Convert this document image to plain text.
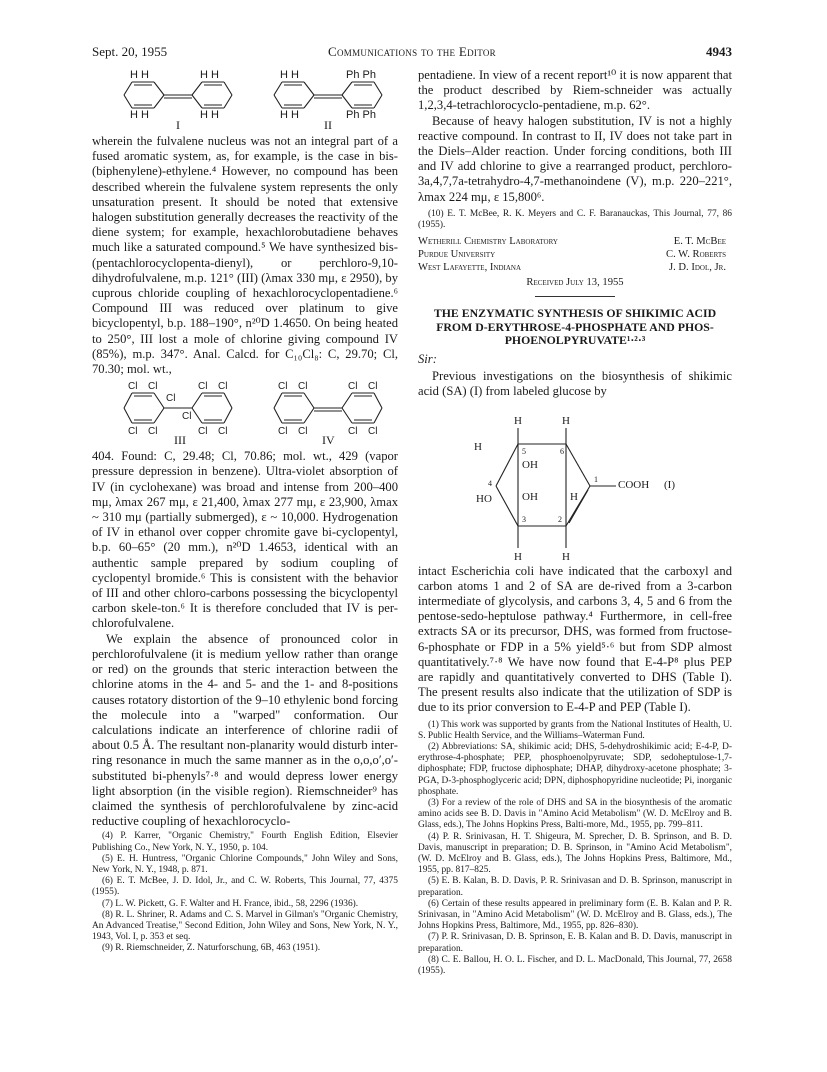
Sept. 20, 1955	Communications to the Editor	4943
H H	H H	H H	Ph Ph
H H	H H	H H	Ph Ph
I	II

wherein the fulvalene nucleus was not an integral part of a fused aromatic system, as, for example, is the case in bis-(biphenylene)-ethylene.⁴ However, no compound has been described wherein the fulvalene system represents the only unsaturation present. It should be noted that extensive halogen substitution generally decreases the reactivity of the diene system; for example, hexachlorobutadiene behaves much like a saturated compound.⁵ We have synthesized bis-(pentachlorocyclopenta-dienyl), or perchloro-9,10-dihydrofulvalene, m.p. 121° (III) (λmax 330 mμ, ε 2950), by cuprous chloride coupling of hexachlorocyclopentadiene.⁶ Compound III was reduced over platinum to give bicyclopentyl, b.p. 188–190°, n²⁰D 1.4650. On being heated to 250°, III lost a mole of chlorine giving compound IV (85%), m.p. 347°. Anal. Calcd. for C₁₀Cl₈: C, 29.70; Cl, 70.30; mol. wt.,

Cl Cl	Cl Cl
Cl Cl	Cl Cl
Cl
Cl
Cl Cl	Cl Cl
Cl Cl	Cl Cl
III	IV

404. Found: C, 29.48; Cl, 70.86; mol. wt., 429 (vapor pressure depression in benzene). Ultra-violet absorption of IV (in cyclohexane) was broad and intense from 200–400 mμ, λmax 267 mμ, ε 21,400, λmax 277 mμ, ε 23,900, λmax ~ 310 mμ (partially submerged), ε ~ 10,000. Hydrogenation of IV in ethanol over copper chromite gave bi-cyclopentyl, b.p. 60–65° (20 mm.), n²⁰D 1.4653, identical with an authentic sample prepared by sodium coupling of cyclopentyl bromide.⁶ This is consistent with the behavior of III and other chloro-carbons possessing the bicyclopentyl carbon skele-ton.⁶ It is therefore concluded that IV is per-chlorofulvalene.

We explain the absence of pronounced color in perchlorofulvalene (it is medium yellow rather than orange or red) on the grounds that steric interaction between the chlorine atoms in the 4- and 5- and the 1- and 8-positions causes rotatory distortion of the 9–10 ethylenic bond forcing the molecule into a "warped" conformation. Our calculations indicate an interference of chlorine radii of about 0.5 Å. The resultant non-planarity would disturb inter-ring resonance in much the same manner as in the o,o,o′,o′-substituted bi-phenyls⁷·⁸ and would depress lower energy light absorption (in the visible region). Riemschneider⁹ has claimed the synthesis of perchlorofulvalene by zinc-acid reductive coupling of hexachlorocyclo-

(4) P. Karrer, "Organic Chemistry," Fourth English Edition, Elsevier Publishing Co., New York, N. Y., 1950, p. 104.

(5) E. H. Huntress, "Organic Chlorine Compounds," John Wiley and Sons, New York, N. Y., 1948, p. 871.

(6) E. T. McBee, J. D. Idol, Jr., and C. W. Roberts, This Journal, 77, 4375 (1955).

(7) L. W. Pickett, G. F. Walter and H. France, ibid., 58, 2296 (1936).

(8) R. L. Shriner, R. Adams and C. S. Marvel in Gilman's "Organic Chemistry, An Advanced Treatise," Second Edition, John Wiley and Sons, New York, N. Y., 1943, Vol. I, p. 353 et seq.

(9) R. Riemschneider, Z. Naturforschung, 6B, 463 (1951).

pentadiene. In view of a recent report¹⁰ it is now apparent that the product described by Riem-schneider was actually 1,2,3,4-tetrachlorocyclo-pentadiene, m.p. 62°.

Because of heavy halogen substitution, IV is not a highly reactive compound. In contrast to II, IV does not take part in the Diels–Alder reaction. Under forcing conditions, both III and IV add chlorine to give a rearranged product, perchloro-3a,4,7,7a-tetrahydro-4,7-methanoindene (V), m.p. 220–221°, λmax 224 mμ, ε 15,800⁶.

(10) E. T. McBee, R. K. Meyers and C. F. Baranauckas, This Journal, 77, 86 (1955).

Wetherill Chemistry Laboratory
Purdue University
West Lafayette, Indiana
E. T. McBee
C. W. Roberts
J. D. Idol, Jr.
Received July 13, 1955
THE ENZYMATIC SYNTHESIS OF SHIKIMIC ACID FROM D-ERYTHROSE-4-PHOSPHATE AND PHOS-PHOENOLPYRUVATE¹·²·³
Sir:

Previous investigations on the biosynthesis of shikimic acid (SA) (I) from labeled glucose by

5	6
4	1
3	2
H	H
H
OH
HO	OH	H
H	H
COOH (I)

intact Escherichia coli have indicated that the carboxyl and carbon atoms 1 and 2 of SA are de-rived from a 3-carbon intermediate of glycolysis, and carbons 3, 4, 5 and 6 from the pentose-sedo-heptulose pathway.⁴ Furthermore, in cell-free extracts SA or its precursor, DHS, was formed from fructose-6-phosphate or FDP in a 5% yield⁵·⁶ but from SDP almost quantitatively.⁷·⁸ We have now found that E-4-P⁸ plus PEP are rapidly and quantitatively converted to DHS (Table I). The present results also indicate that the utilization of SDP is due to its prior conversion to E-4-P and PEP (Table I).

(1) This work was supported by grants from the National Institutes of Health, U. S. Public Health Service, and the Williams–Waterman Fund.

(2) Abbreviations: SA, shikimic acid; DHS, 5-dehydroshikimic acid; E-4-P, D-erythrose-4-phosphate; PEP, phosphoenolpyruvate; SDP, sedoheptulose-1,7-diphosphate; FDP, fructose diphosphate; DHAP, dihydroxy-acetone phosphate; 3-PGA, D-3-phosphoglyceric acid; DPN, diphosphopyridine nucleotide; Pi, inorganic phosphate.

(3) For a review of the role of DHS and SA in the biosynthesis of the aromatic amino acids see B. D. Davis in "Amino Acid Metabolism" (W. D. McElroy and B. Glass, eds.), The Johns Hopkins Press, Balti-more, Md., 1955, pp. 799–811.

(4) P. R. Srinivasan, H. T. Shigeura, M. Sprecher, D. B. Sprinson, and B. D. Davis, manuscript in preparation; D. B. Sprinson, in "Amino Acid Metabolism", (W. D. McElroy and B. Glass, eds.), The Johns Hopkins Press, Baltimore, Md., 1955, pp. 817–825.

(5) E. B. Kalan, B. D. Davis, P. R. Srinivasan and D. B. Sprinson, manuscript in preparation.

(6) Certain of these results appeared in preliminary form (E. B. Kalan and P. R. Srinivasan, in "Amino Acid Metabolism" (W. D. McElroy and B. Glass, eds.), The Johns Hopkins Press, Baltimore, Md., 1955, pp. 826–830).

(7) P. R. Srinivasan, D. B. Sprinson, E. B. Kalan and B. D. Davis, manuscript in preparation.

(8) C. E. Ballou, H. O. L. Fischer, and D. L. MacDonald, This Journal, 77, 2658 (1955).
